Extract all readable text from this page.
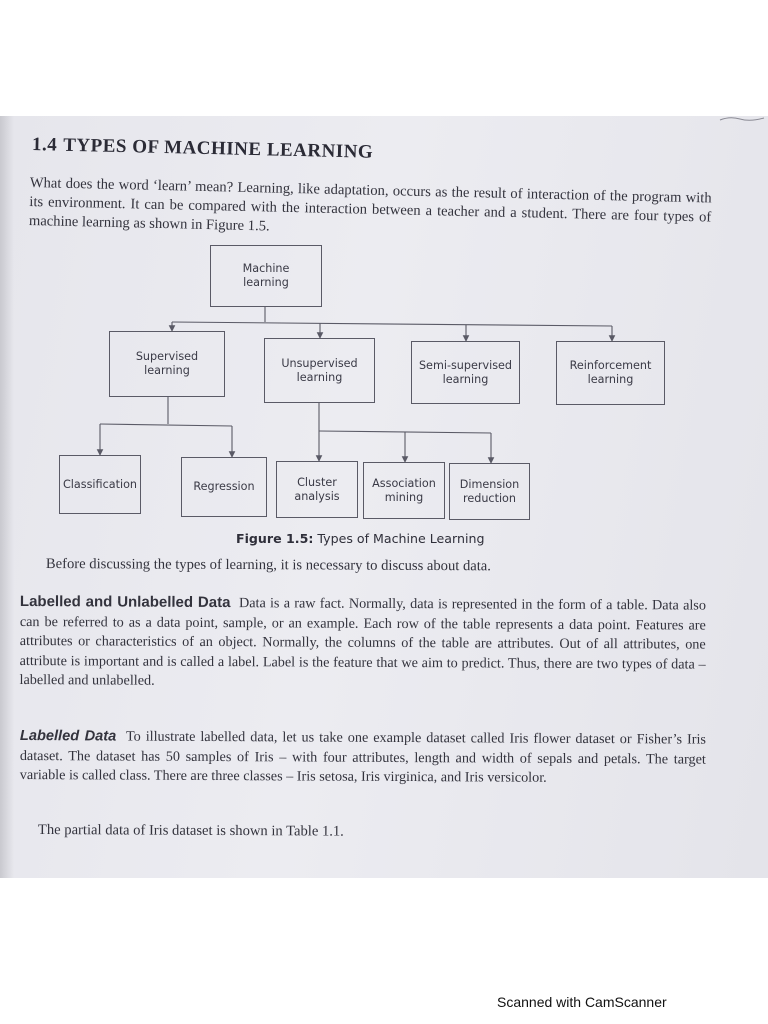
1.4 TYPES OF MACHINE LEARNING

What does the word ‘learn’ mean? Learning, like adaptation, occurs as the result of interaction of the program with its environment. It can be compared with the interaction between a teacher and a student. There are four types of machine learning as shown in Figure 1.5.

Machine
learning
Supervised
learning
Unsupervised
learning
Semi-supervised
learning
Reinforcement
learning
Classification	Regression	Cluster
analysis
Association
mining
Dimension
reduction

Figure 1.5: Types of Machine Learning

Before discussing the types of learning, it is necessary to discuss about data.

Labelled and Unlabelled Data Data is a raw fact. Normally, data is represented in the form of a table. Data also can be referred to as a data point, sample, or an example. Each row of the table represents a data point. Features are attributes or characteristics of an object. Normally, the columns of the table are attributes. Out of all attributes, one attribute is important and is called a label. Label is the feature that we aim to predict. Thus, there are two types of data – labelled and unlabelled.

Labelled Data To illustrate labelled data, let us take one example dataset called Iris flower dataset or Fisher’s Iris dataset. The dataset has 50 samples of Iris – with four attributes, length and width of sepals and petals. The target variable is called class. There are three classes – Iris setosa, Iris virginica, and Iris versicolor.

The partial data of Iris dataset is shown in Table 1.1.

Scanned with CamScanner
